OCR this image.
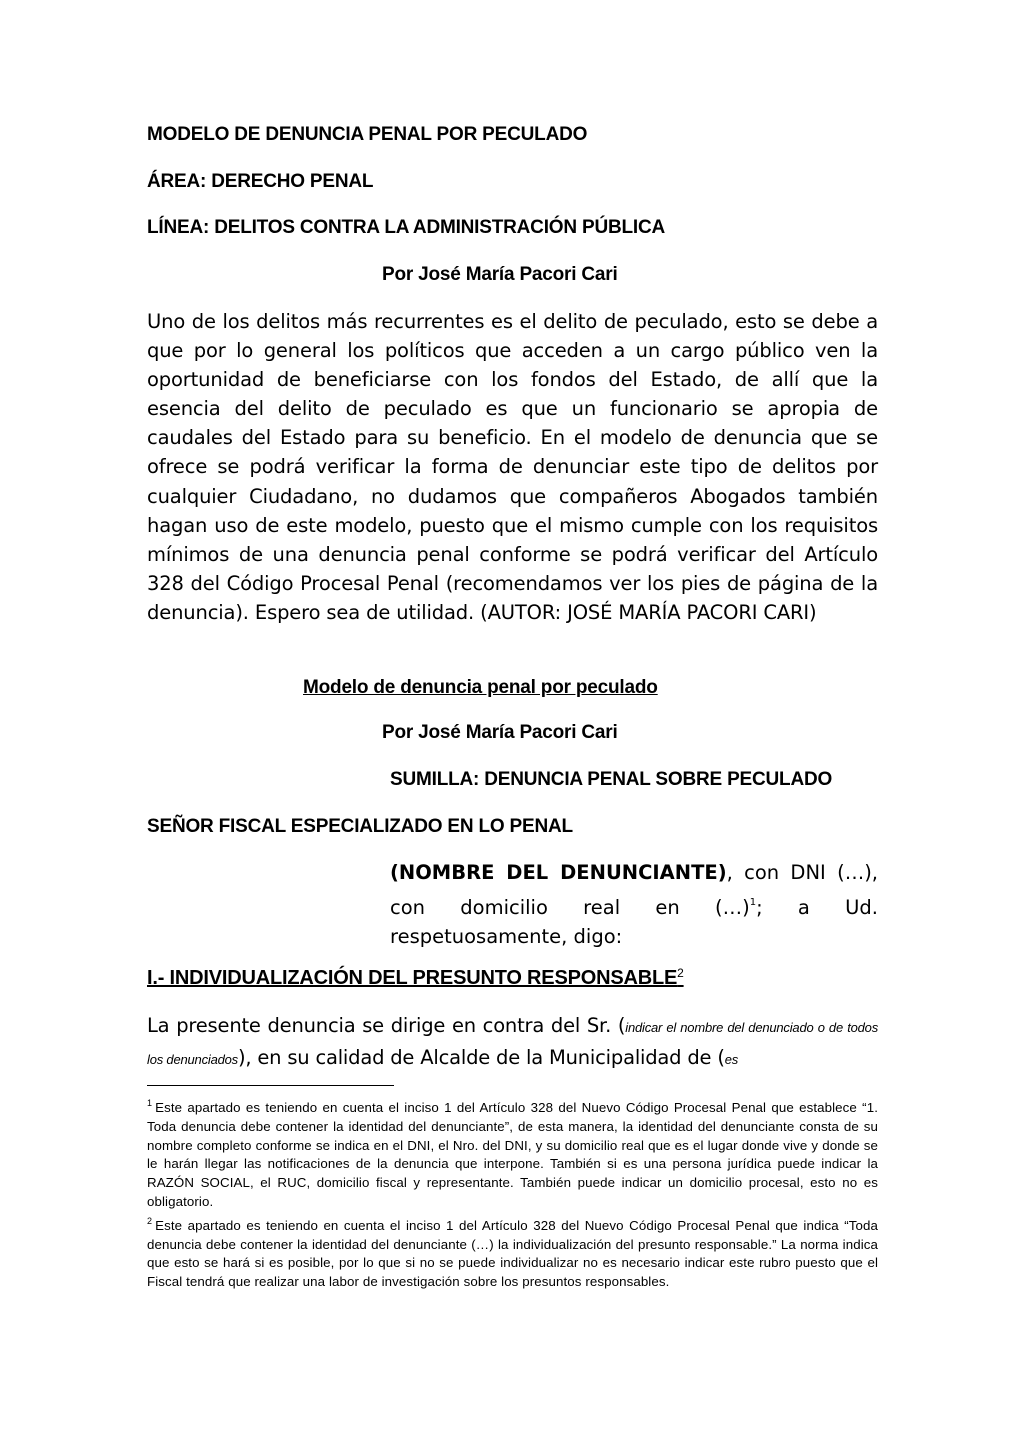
MODELO DE DENUNCIA PENAL POR PECULADO

ÁREA: DERECHO PENAL

LÍNEA: DELITOS CONTRA LA ADMINISTRACIÓN PÚBLICA

Por José María Pacori Cari

Uno de los delitos más recurrentes es el delito de peculado, esto se debe a que por lo general los políticos que acceden a un cargo público ven la oportunidad de beneficiarse con los fondos del Estado, de allí que la esencia del delito de peculado es que un funcionario se apropia de caudales del Estado para su beneficio. En el modelo de denuncia que se ofrece se podrá verificar la forma de denunciar este tipo de delitos por cualquier Ciudadano, no dudamos que compañeros Abogados también hagan uso de este modelo, puesto que el mismo cumple con los requisitos mínimos de una denuncia penal conforme se podrá verificar del Artículo 328 del Código Procesal Penal (recomendamos ver los pies de página de la denuncia). Espero sea de utilidad. (AUTOR: JOSÉ MARÍA PACORI CARI)

Modelo de denuncia penal por peculado

Por José María Pacori Cari

SUMILLA: DENUNCIA PENAL SOBRE PECULADO

SEÑOR FISCAL ESPECIALIZADO EN LO PENAL

(NOMBRE DEL DENUNCIANTE), con DNI (…), con domicilio real en (…)$^1$; a Ud. respetuosamente, digo:

I.- INDIVIDUALIZACIÓN DEL PRESUNTO RESPONSABLE$^2$

La presente denuncia se dirige en contra del Sr. (indicar el nombre del denunciado o de todos los denunciados), en su calidad de Alcalde de la Municipalidad de (es

$^1$ Este apartado es teniendo en cuenta el inciso 1 del Artículo 328 del Nuevo Código Procesal Penal que establece “1. Toda denuncia debe contener la identidad del denunciante”, de esta manera, la identidad del denunciante consta de su nombre completo conforme se indica en el DNI, el Nro. del DNI, y su domicilio real que es el lugar donde vive y donde se le harán llegar las notificaciones de la denuncia que interpone. También si es una persona jurídica puede indicar la RAZÓN SOCIAL, el RUC, domicilio fiscal y representante. También puede indicar un domicilio procesal, esto no es obligatorio.

$^2$ Este apartado es teniendo en cuenta el inciso 1 del Artículo 328 del Nuevo Código Procesal Penal que indica “Toda denuncia debe contener la identidad del denunciante (…) la individualización del presunto responsable.” La norma indica que esto se hará si es posible, por lo que si no se puede individualizar no es necesario indicar este rubro puesto que el Fiscal tendrá que realizar una labor de investigación sobre los presuntos responsables.
